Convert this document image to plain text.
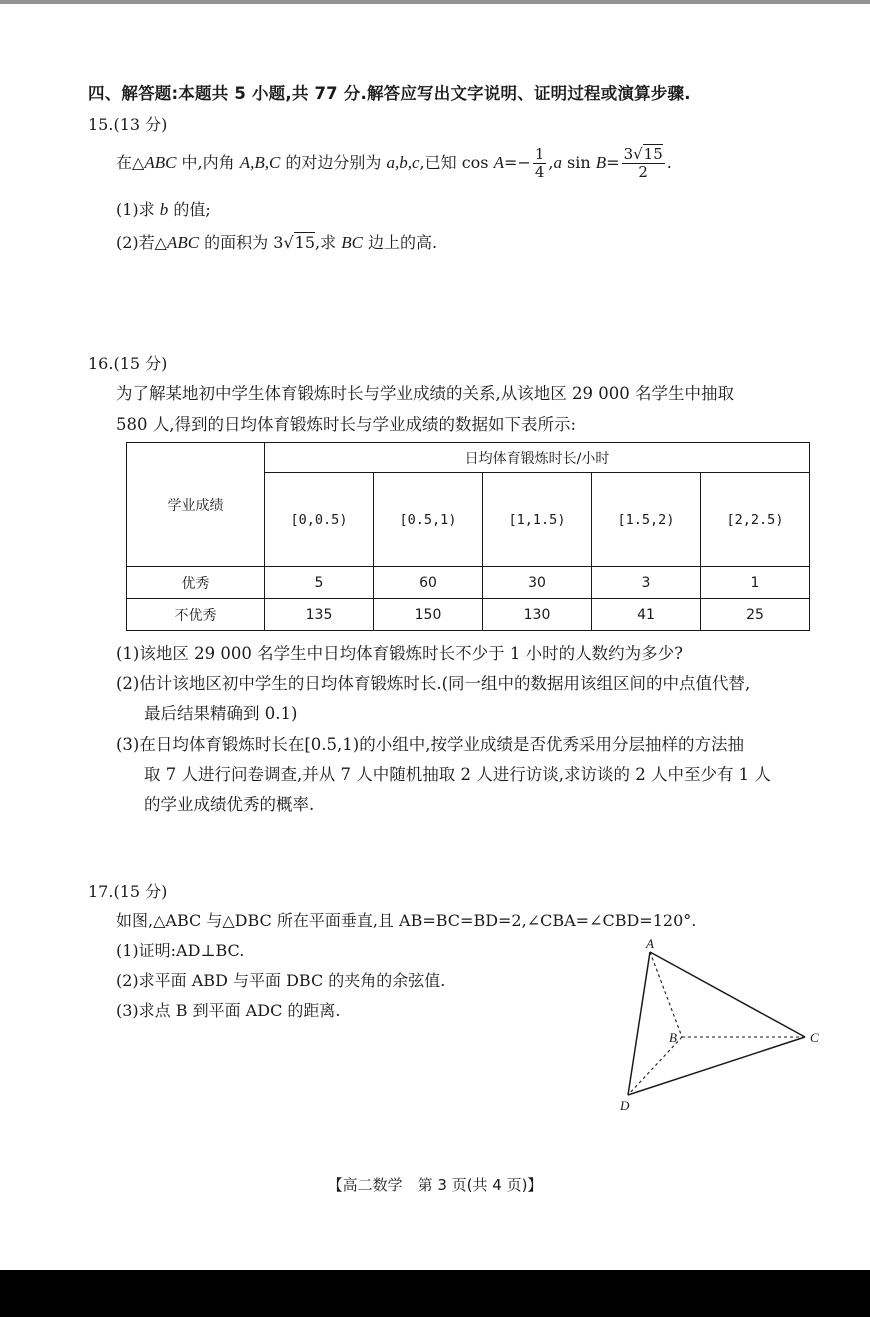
四、解答题:本题共 5 小题,共 77 分.解答应写出文字说明、证明过程或演算步骤.
15.(13 分)
在△ABC 中,内角 A,B,C 的对边分别为 a,b,c,已知 $\cos A=- \frac{1}{4} ,a$ $\sin B= \frac{3√15}{2}$ .
(1)求 b 的值;
(2)若△ABC 的面积为 3√15,求 BC 边上的高.
16.(15 分)
为了解某地初中学生体育锻炼时长与学业成绩的关系,从该地区 29 000 名学生中抽取
580 人,得到的日均体育锻炼时长与学业成绩的数据如下表所示:
学业成绩	日均体育锻炼时长/小时				
	[0,0.5)	[0.5,1)	[1,1.5)	[1.5,2)	[2,2.5)
优秀	5	60	30	3	1
不优秀	135	150	130	41	25
(1)该地区 29 000 名学生中日均体育锻炼时长不少于 1 小时的人数约为多少?
(2)估计该地区初中学生的日均体育锻炼时长.(同一组中的数据用该组区间的中点值代替,
最后结果精确到 0.1)
(3)在日均体育锻炼时长在[0.5,1)的小组中,按学业成绩是否优秀采用分层抽样的方法抽
取 7 人进行问卷调查,并从 7 人中随机抽取 2 人进行访谈,求访谈的 2 人中至少有 1 人
的学业成绩优秀的概率.
17.(15 分)
如图,△ABC 与△DBC 所在平面垂直,且 AB=BC=BD=2,∠CBA=∠CBD=120°.
(1)证明:AD⊥BC.
(2)求平面 ABD 与平面 DBC 的夹角的余弦值.
(3)求点 B 到平面 ADC 的距离.
A
B	C
D
【高二数学　第 3 页(共 4 页)】
